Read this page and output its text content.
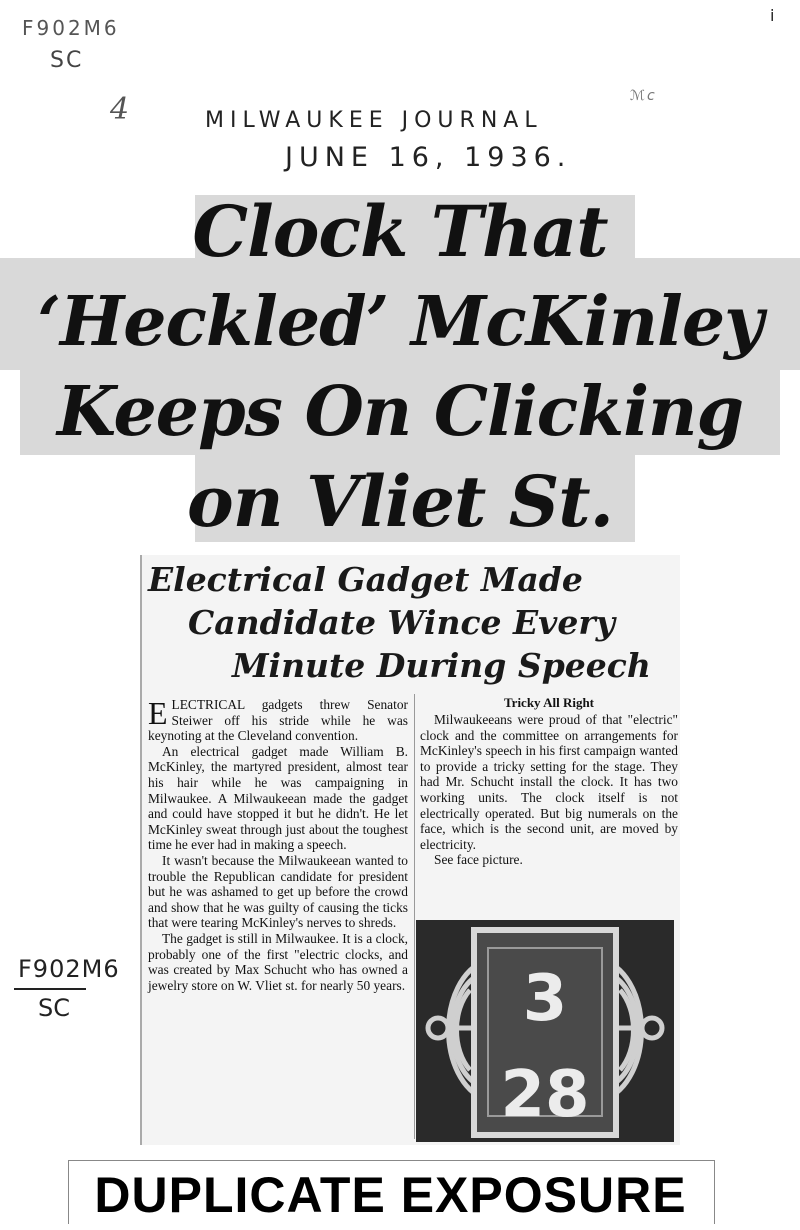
ⅰ
F902M6
SC
4	ℳc
MILWAUKEE JOURNAL
JUNE 16, 1936.
Clock That
‘Heckled’ McKinley
Keeps On Clicking
on Vliet St.
Electrical Gadget Made
Candidate Wince Every
Minute During Speech
E LECTRICAL gadgets threw Senator Steiwer off his stride while he was keynoting at the Cleveland convention.

An electrical gadget made William B. McKinley, the martyred president, almost tear his hair while he was campaigning in Milwaukee. A Milwaukeean made the gadget and could have stopped it but he didn't. He let McKinley sweat through just about the toughest time he ever had in making a speech.

It wasn't because the Milwaukeean wanted to trouble the Republican candidate for president but he was ashamed to get up before the crowd and show that he was guilty of causing the ticks that were tearing McKinley's nerves to shreds.

The gadget is still in Milwaukee. It is a clock, probably one of the first "electric clocks, and was created by Max Schucht who has owned a jewelry store on W. Vliet st. for nearly 50 years.

Tricky All Right

Milwaukeeans were proud of that "electric" clock and the committee on arrangements for McKinley's speech in his first campaign wanted to provide a tricky setting for the stage. They had Mr. Schucht install the clock. It has two working units. The clock itself is not electrically operated. But big numerals on the face, which is the second unit, are moved by electricity.

See face picture.

3
28
F902M6
SC
DUPLICATE EXPOSURE
